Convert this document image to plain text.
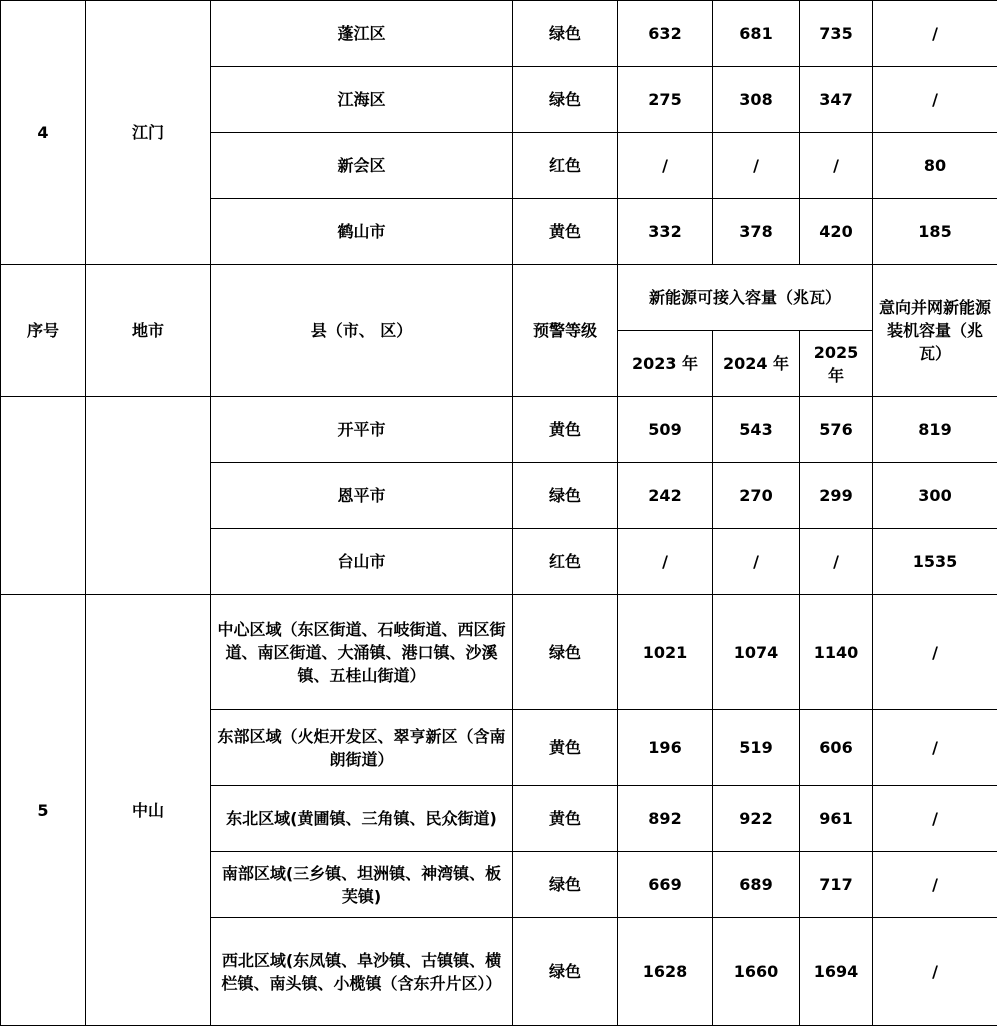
4	江门	蓬江区	绿色	632	681	735	/
		江海区	绿色	275	308	347	/
		新会区	红色	/	/	/	80
		鹤山市	黄色	332	378	420	185
序号	地市	县（市、 区）	预警等级	新能源可接入容量（兆瓦）			意向并网新能源装机容量（兆瓦）
				2023 年	2024 年	2025 年	
		开平市	黄色	509	543	576	819
		恩平市	绿色	242	270	299	300
		台山市	红色	/	/	/	1535
5	中山	中心区域（东区街道、石岐街道、西区街道、南区街道、大涌镇、港口镇、沙溪镇、五桂山街道）	绿色	1021	1074	1140	/
		东部区域（火炬开发区、翠亨新区（含南朗街道）	黄色	196	519	606	/
		东北区域(黄圃镇、三角镇、民众街道)	黄色	892	922	961	/
		南部区域(三乡镇、坦洲镇、神湾镇、板芙镇)	绿色	669	689	717	/
		西北区域(东凤镇、阜沙镇、古镇镇、横栏镇、南头镇、小榄镇（含东升片区））	绿色	1628	1660	1694	/
